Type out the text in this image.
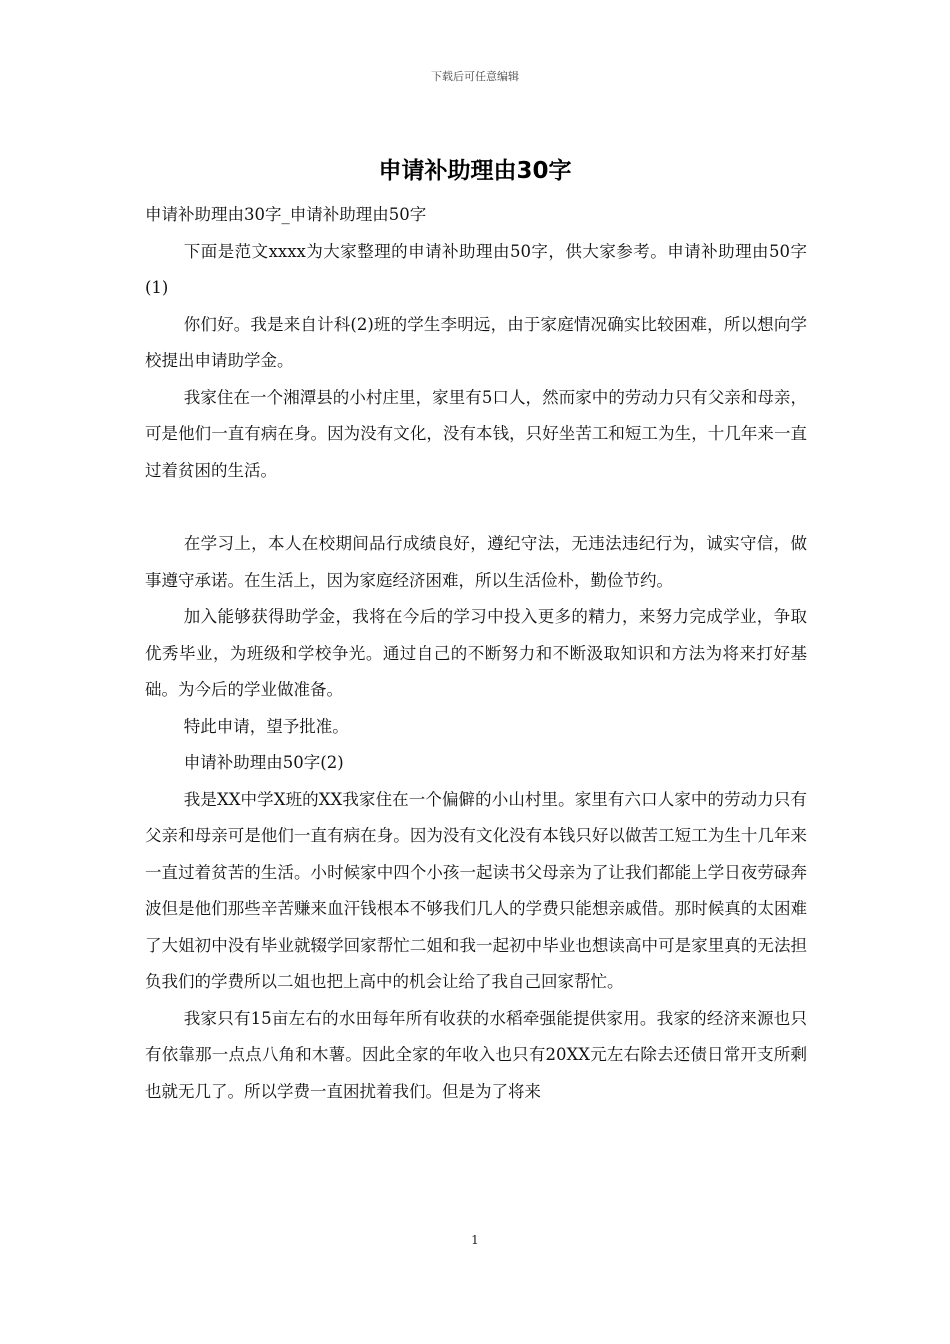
下载后可任意编辑
申请补助理由30字

申请补助理由30字_申请补助理由50字

下面是范文xxxx为大家整理的申请补助理由50字，供大家参考。申请补助理由50字(1)

你们好。我是来自计科(2)班的学生李明远，由于家庭情况确实比较困难，所以想向学校提出申请助学金。

我家住在一个湘潭县的小村庄里，家里有5口人，然而家中的劳动力只有父亲和母亲，可是他们一直有病在身。因为没有文化，没有本钱，只好坐苦工和短工为生，十几年来一直过着贫困的生活。

在学习上，本人在校期间品行成绩良好，遵纪守法，无违法违纪行为，诚实守信，做事遵守承诺。在生活上，因为家庭经济困难，所以生活俭朴，勤俭节约。

加入能够获得助学金，我将在今后的学习中投入更多的精力，来努力完成学业，争取优秀毕业，为班级和学校争光。通过自己的不断努力和不断汲取知识和方法为将来打好基础。为今后的学业做准备。

特此申请，望予批准。

申请补助理由50字(2)

我是XX中学X班的XX我家住在一个偏僻的小山村里。家里有六口人家中的劳动力只有父亲和母亲可是他们一直有病在身。因为没有文化没有本钱只好以做苦工短工为生十几年来一直过着贫苦的生活。小时候家中四个小孩一起读书父母亲为了让我们都能上学日夜劳碌奔波但是他们那些辛苦赚来血汗钱根本不够我们几人的学费只能想亲戚借。那时候真的太困难了大姐初中没有毕业就辍学回家帮忙二姐和我一起初中毕业也想读高中可是家里真的无法担负我们的学费所以二姐也把上高中的机会让给了我自己回家帮忙。

我家只有15亩左右的水田每年所有收获的水稻牵强能提供家用。我家的经济来源也只有依靠那一点点八角和木薯。因此全家的年收入也只有20XX元左右除去还债日常开支所剩也就无几了。所以学费一直困扰着我们。但是为了将来

1
